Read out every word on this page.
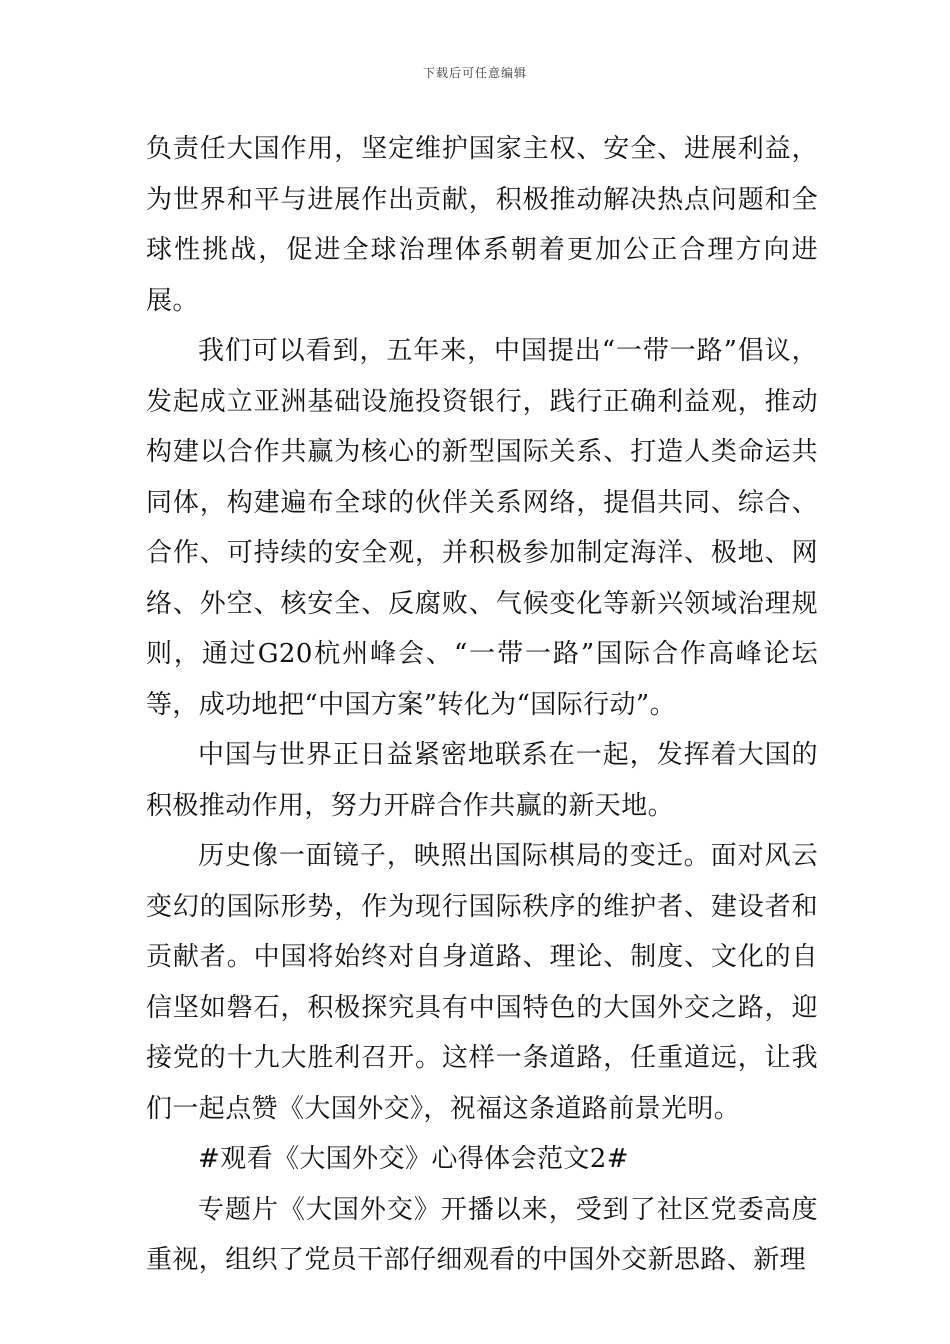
下载后可任意编辑

负责任大国作用，坚定维护国家主权、安全、进展利益，为世界和平与进展作出贡献，积极推动解决热点问题和全球性挑战，促进全球治理体系朝着更加公正合理方向进展。

我们可以看到，五年来，中国提出“一带一路”倡议，发起成立亚洲基础设施投资银行，践行正确利益观，推动构建以合作共赢为核心的新型国际关系、打造人类命运共同体，构建遍布全球的伙伴关系网络，提倡共同、综合、合作、可持续的安全观，并积极参加制定海洋、极地、网络、外空、核安全、反腐败、气候变化等新兴领域治理规则，通过G20杭州峰会、“一带一路”国际合作高峰论坛等，成功地把“中国方案”转化为“国际行动”。

中国与世界正日益紧密地联系在一起，发挥着大国的积极推动作用，努力开辟合作共赢的新天地。

历史像一面镜子，映照出国际棋局的变迁。面对风云变幻的国际形势，作为现行国际秩序的维护者、建设者和贡献者。中国将始终对自身道路、理论、制度、文化的自信坚如磐石，积极探究具有中国特色的大国外交之路，迎接党的十九大胜利召开。这样一条道路，任重道远，让我们一起点赞《大国外交》，祝福这条道路前景光明。

#观看《大国外交》心得体会范文2#

专题片《大国外交》开播以来，受到了社区党委高度重视，组织了党员干部仔细观看的中国外交新思路、新理
